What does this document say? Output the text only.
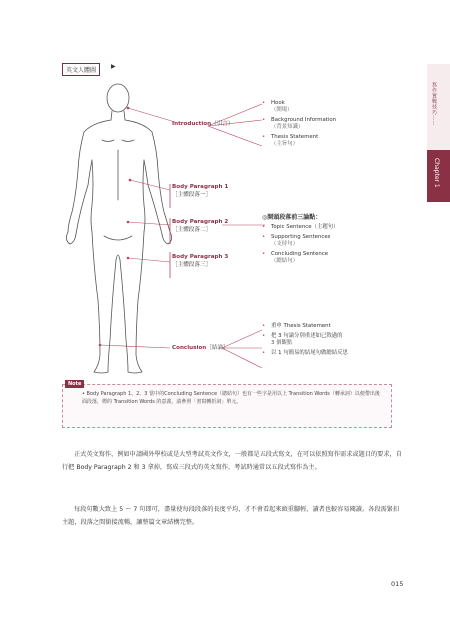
寫作實戰技巧……
Chapter 1
英文人體圖
▶
Introduction（引言）
Body Paragraph 1
［主體段落一］
Body Paragraph 2
［主體段落二］
Body Paragraph 3
［主體段落三］
Conclusion［結論］
• Hook
（開場）
• Background Information
（背景知識）
• Thesis Statement
（主旨句）
◎開頭段落前三論點：
• Topic Sentence（主題句）
• Supporting Sentences
（支持句）
• Concluding Sentence
（總結句）
• 重申 Thesis Statement
• 把 3 句論分別重述如已敘過的
3 個觀點
• 以 1 句簡易的結尾句做總結反思
Note
• Body Paragraph 1、2、3 當中的Concluding Sentence（總結句）也有一些字是用以上 Transition Words（轉承詞）以便帶出後面段落，標的 Transition Words 的意義，請參照「書寫轉折詞」單元。

正式英文寫作，例如申請國外學校或是大型考試英文作文，一般都是五段式寫文，在可以依照寫作需求或題目的要求，自行把 Body Paragraph 2 和 3 拿掉，寫成三段式的英文寫作，考試時通常以五段式寫作為主。

每段句數大致上 5 ～ 7 句即可，盡量使每段段落的長度平均，才不會看起來頭重腳輕，讀者也較容易閱讀。各段需緊扣主題，段落之間銜接流暢，讓整篇文章結構完整。

015
